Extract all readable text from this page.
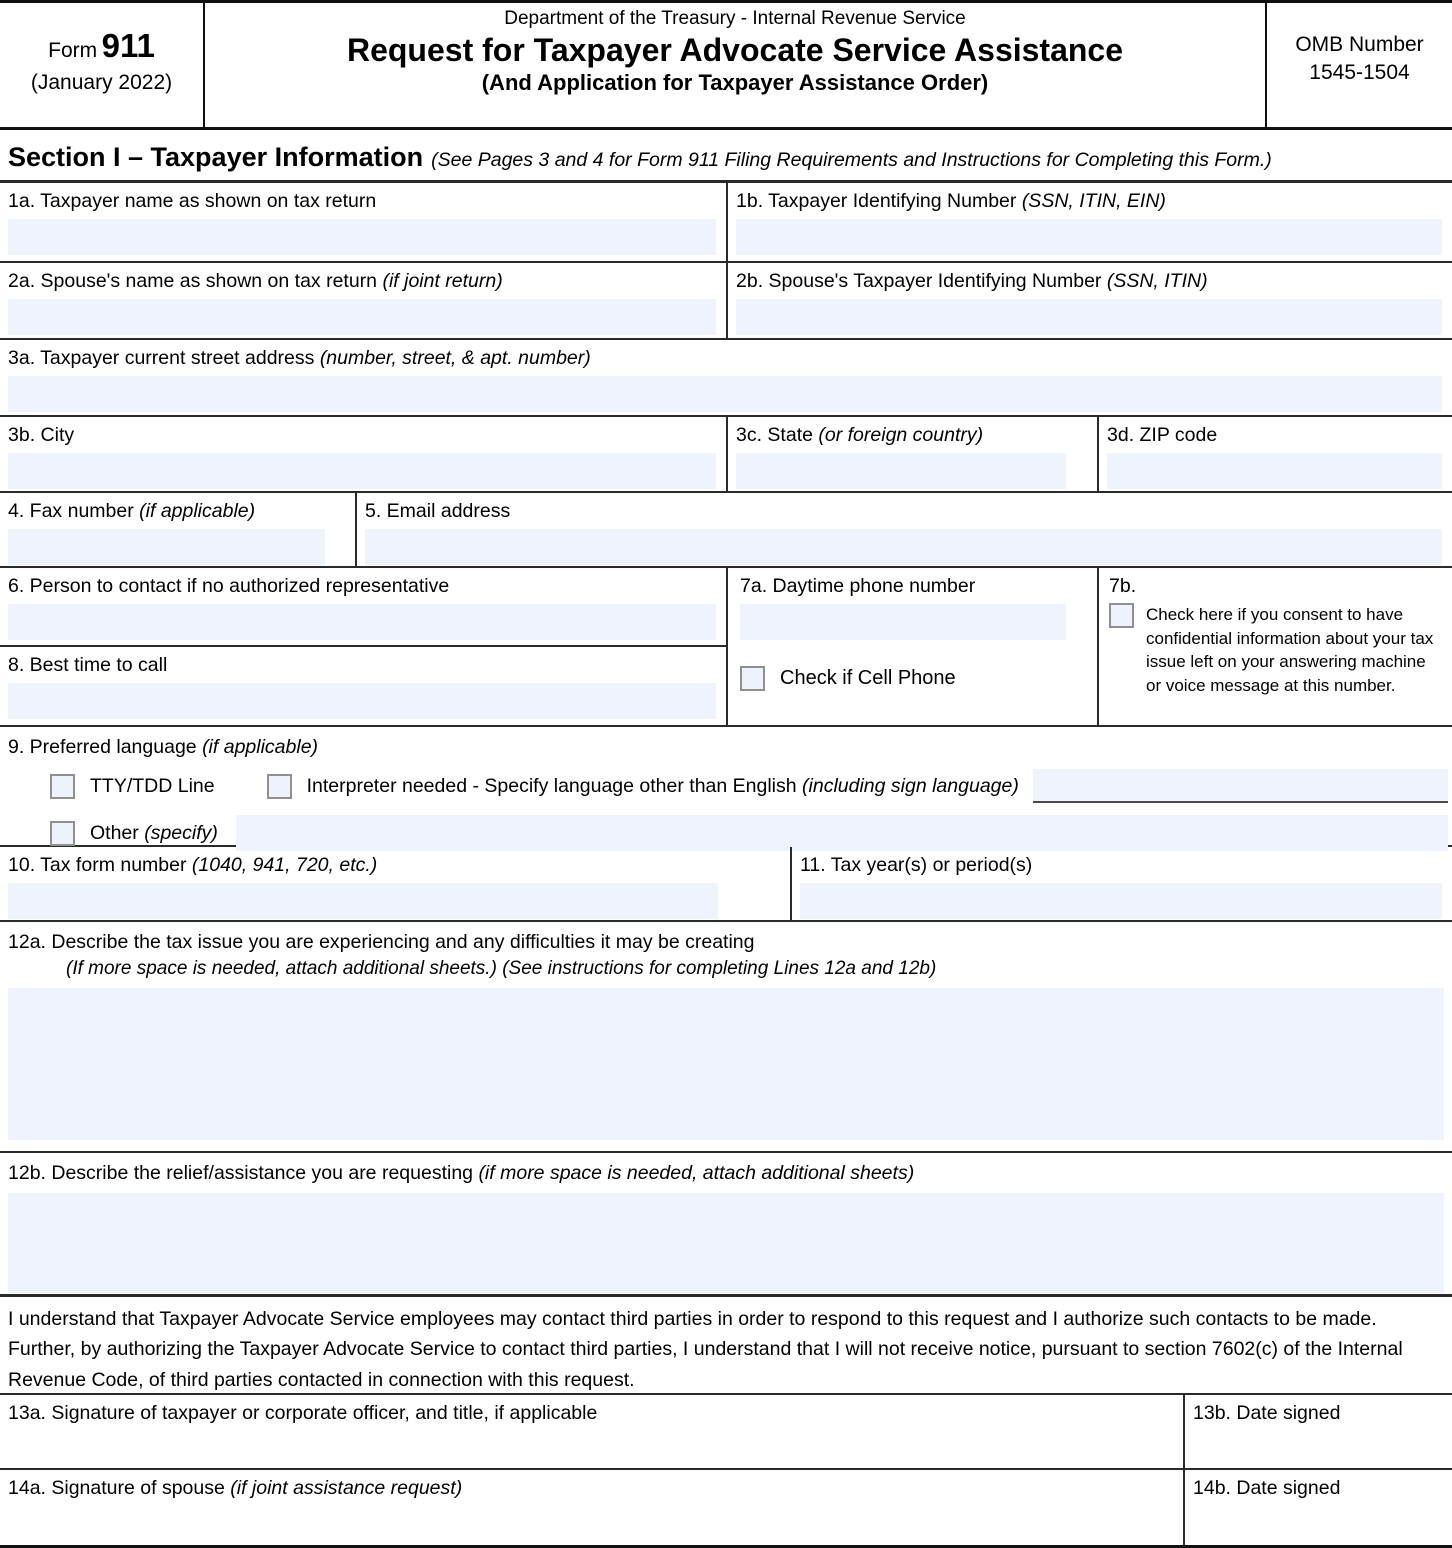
Form 911
(January 2022)
Department of the Treasury - Internal Revenue Service
Request for Taxpayer Advocate Service Assistance
(And Application for Taxpayer Assistance Order)
OMB Number
1545-1504
Section I – Taxpayer Information (See Pages 3 and 4 for Form 911 Filing Requirements and Instructions for Completing this Form.)
1a. Taxpayer name as shown on tax return	1b. Taxpayer Identifying Number (SSN, ITIN, EIN)
2a. Spouse's name as shown on tax return (if joint return)	2b. Spouse's Taxpayer Identifying Number (SSN, ITIN)
3a. Taxpayer current street address (number, street, & apt. number)
3b. City	3c. State (or foreign country)	3d. ZIP code
4. Fax number (if applicable)	5. Email address
6. Person to contact if no authorized representative
8. Best time to call
7a. Daytime phone number
Check if Cell Phone
7b.
Check here if you consent to have confidential information about your tax issue left on your answering machine or voice message at this number.
9. Preferred language (if applicable)
TTY/TDD Line	Interpreter needed - Specify language other than English (including sign language)
Other (specify)
10. Tax form number (1040, 941, 720, etc.)	11. Tax year(s) or period(s)
12a. Describe the tax issue you are experiencing and any difficulties it may be creating
(If more space is needed, attach additional sheets.) (See instructions for completing Lines 12a and 12b)
12b. Describe the relief/assistance you are requesting (if more space is needed, attach additional sheets)
I understand that Taxpayer Advocate Service employees may contact third parties in order to respond to this request and I authorize such contacts to be made. Further, by authorizing the Taxpayer Advocate Service to contact third parties, I understand that I will not receive notice, pursuant to section 7602(c) of the Internal Revenue Code, of third parties contacted in connection with this request.
13a. Signature of taxpayer or corporate officer, and title, if applicable	13b. Date signed
14a. Signature of spouse (if joint assistance request)	14b. Date signed
